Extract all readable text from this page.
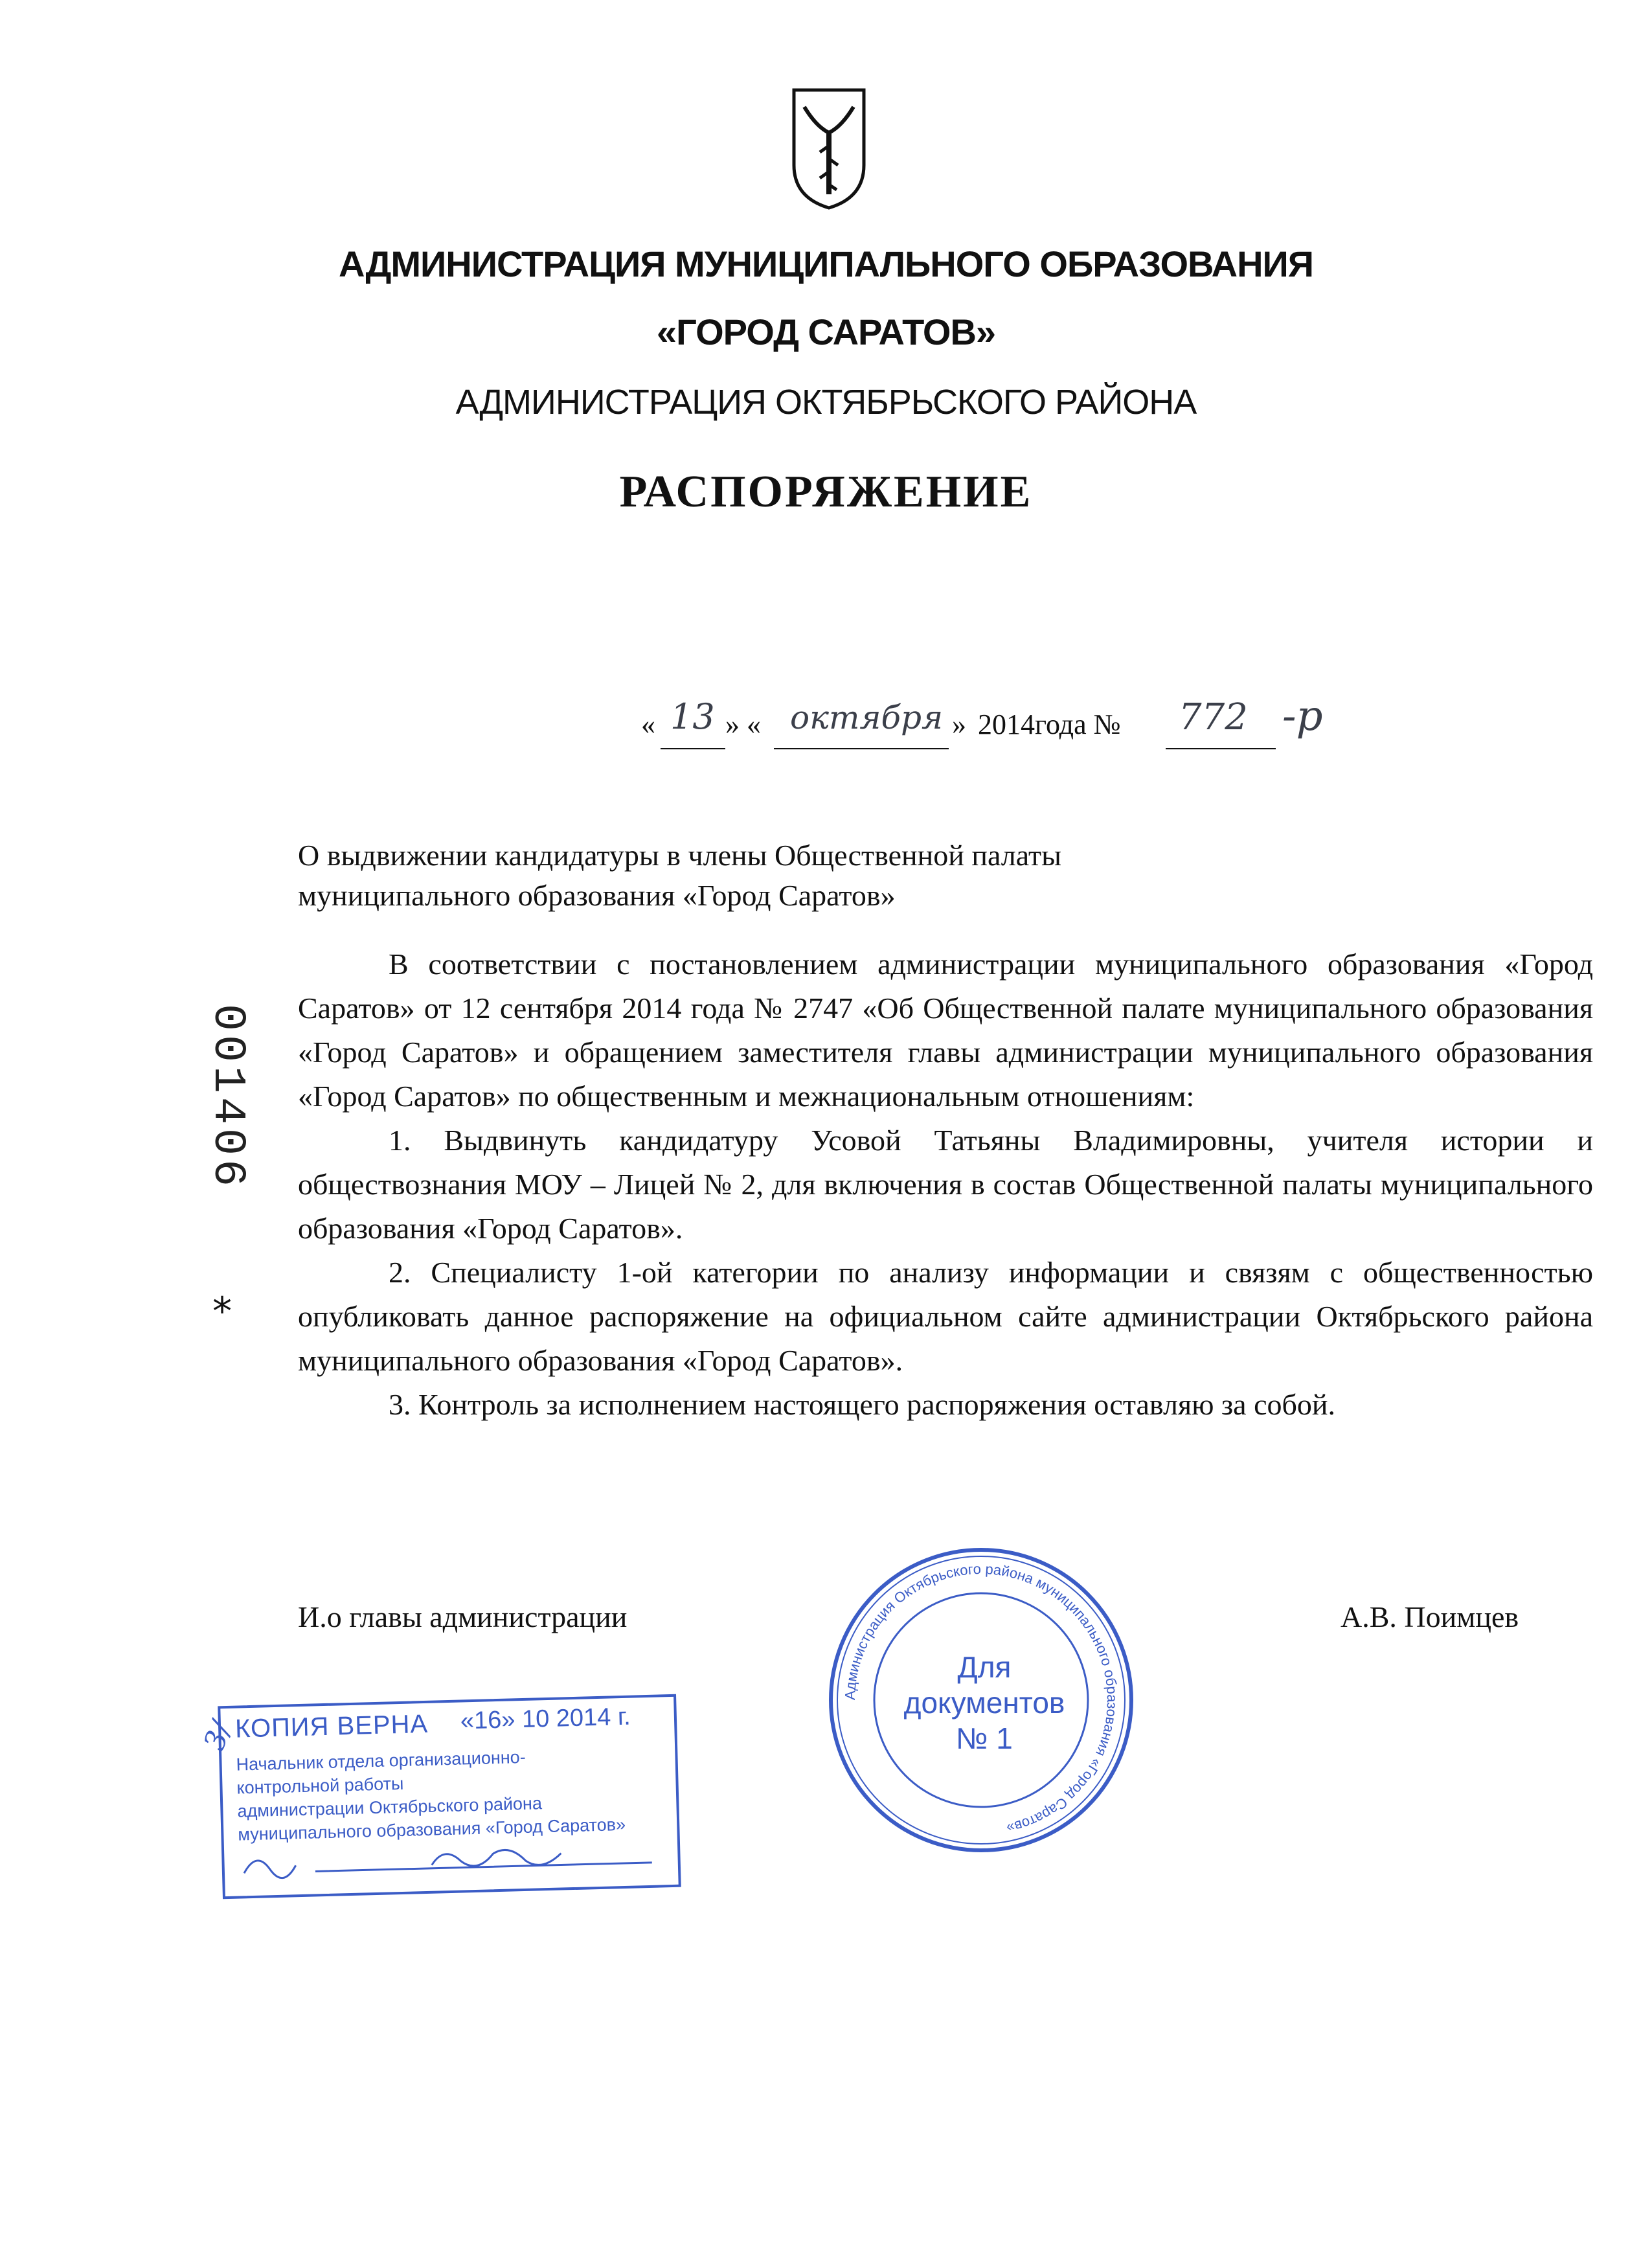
АДМИНИСТРАЦИЯ МУНИЦИПАЛЬНОГО ОБРАЗОВАНИЯ
«ГОРОД САРАТОВ»
АДМИНИСТРАЦИЯ ОКТЯБРЬСКОГО РАЙОНА
РАСПОРЯЖЕНИЕ
« 13 » « октября » 2014года № 772 -р
О выдвижении кандидатуры в члены Общественной палаты
муниципального образования «Город Саратов»

В соответствии с постановлением администрации муниципального образования «Город Саратов» от 12 сентября 2014 года № 2747 «Об Общественной палате муниципального образования «Город Саратов» и обращением заместителя главы администрации муниципального образования «Город Саратов» по общественным и межнациональным отношениям:

1. Выдвинуть кандидатуру Усовой Татьяны Владимировны, учителя истории и обществознания МОУ – Лицей № 2, для включения в состав Общественной палаты муниципального образования «Город Саратов».

2. Специалисту 1-ой категории по анализу информации и связям с общественностью опубликовать данное распоряжение на официальном сайте администрации Октябрьского района муниципального образования «Город Саратов».

3. Контроль за исполнением настоящего распоряжения оставляю за собой.

И.о главы администрации	А.В. Поимцев
001406
*
Администрация Октябрьского района муниципального образования «Город Саратов»
Для
документов
№ 1
3/
КОПИЯ ВЕРНА «16» 10 2014 г.
Начальник отдела организационно-
контрольной работы
администрации Октябрьского района
муниципального образования «Город Саратов»
